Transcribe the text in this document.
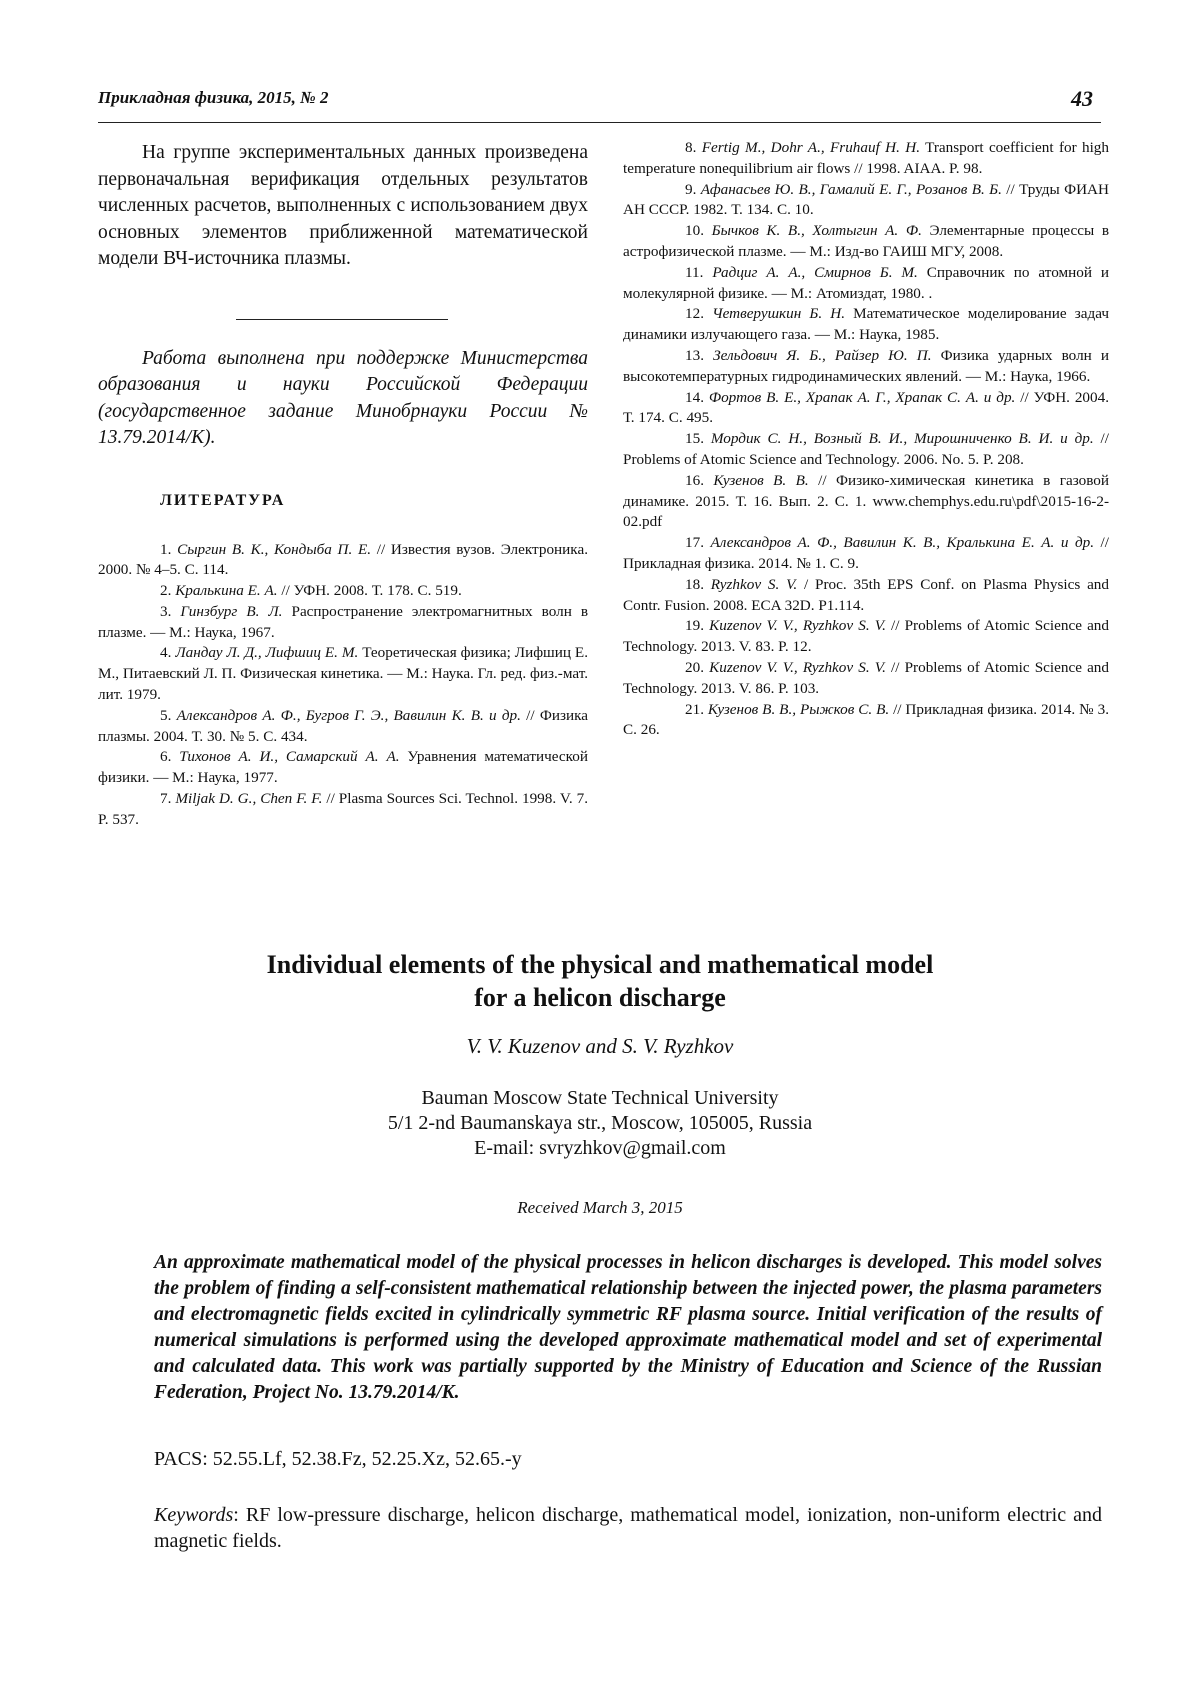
Прикладная физика, 2015, № 2	43

На группе экспериментальных данных произведена первоначальная верификация отдельных результатов численных расчетов, выполненных с использованием двух основных элементов приближенной математической модели ВЧ-источника плазмы.

Работа выполнена при поддержке Министерства образования и науки Российской Федерации (государственное задание Минобрнауки России № 13.79.2014/K).

ЛИТЕРАТУРА
1. Сыргин В. К., Кондыба П. Е. // Известия вузов. Электроника. 2000. № 4–5. С. 114.
2. Кралькина Е. А. // УФН. 2008. Т. 178. С. 519.
3. Гинзбург В. Л. Распространение электромагнитных волн в плазме. — М.: Наука, 1967.
4. Ландау Л. Д., Лифшиц Е. М. Теоретическая физика; Лифшиц Е. М., Питаевский Л. П. Физическая кинетика. — М.: Наука. Гл. ред. физ.-мат. лит. 1979.
5. Александров А. Ф., Бугров Г. Э., Вавилин К. В. и др. // Физика плазмы. 2004. Т. 30. № 5. С. 434.
6. Тихонов А. И., Самарский А. А. Уравнения математической физики. — М.: Наука, 1977.
7. Miljak D. G., Chen F. F. // Plasma Sources Sci. Technol. 1998. V. 7. P. 537.
8. Fertig M., Dohr A., Fruhauf H. H. Transport coefficient for high temperature nonequilibrium air flows // 1998. AIAA. P. 98.
9. Афанасьев Ю. В., Гамалий Е. Г., Розанов В. Б. // Труды ФИАН АН СССР. 1982. Т. 134. С. 10.
10. Бычков К. В., Холтыгин А. Ф. Элементарные процессы в астрофизической плазме. — М.: Изд-во ГАИШ МГУ, 2008.
11. Радциг А. А., Смирнов Б. М. Справочник по атомной и молекулярной физике. — М.: Атомиздат, 1980. .
12. Четверушкин Б. Н. Математическое моделирование задач динамики излучающего газа. — М.: Наука, 1985.
13. Зельдович Я. Б., Райзер Ю. П. Физика ударных волн и высокотемпературных гидродинамических явлений. — М.: Наука, 1966.
14. Фортов В. Е., Храпак А. Г., Храпак С. А. и др. // УФН. 2004. Т. 174. С. 495.
15. Мордик С. Н., Возный В. И., Мирошниченко В. И. и др. // Problems of Atomic Science and Technology. 2006. No. 5. P. 208.
16. Кузенов В. В. // Физико-химическая кинетика в газовой динамике. 2015. Т. 16. Вып. 2. С. 1. www.chemphys.edu.ru\pdf\2015-16-2-02.pdf
17. Александров А. Ф., Вавилин К. В., Кралькина Е. А. и др. // Прикладная физика. 2014. № 1. С. 9.
18. Ryzhkov S. V. / Proc. 35th EPS Conf. on Plasma Physics and Contr. Fusion. 2008. ECA 32D. P1.114.
19. Kuzenov V. V., Ryzhkov S. V. // Problems of Atomic Science and Technology. 2013. V. 83. P. 12.
20. Kuzenov V. V., Ryzhkov S. V. // Problems of Atomic Science and Technology. 2013. V. 86. P. 103.
21. Кузенов В. В., Рыжков С. В. // Прикладная физика. 2014. № 3. С. 26.
Individual elements of the physical and mathematical model
for a helicon discharge
V. V. Kuzenov and S. V. Ryzhkov
Bauman Moscow State Technical University
5/1 2-nd Baumanskaya str., Moscow, 105005, Russia
E-mail: svryzhkov@gmail.com
Received March 3, 2015

An approximate mathematical model of the physical processes in helicon discharges is developed. This model solves the problem of finding a self-consistent mathematical relationship between the injected power, the plasma parameters and electromagnetic fields excited in cylindrically symmetric RF plasma source. Initial verification of the results of numerical simulations is performed using the developed approximate mathematical model and set of experimental and calculated data. This work was partially supported by the Ministry of Education and Science of the Russian Federation, Project No. 13.79.2014/K.

PACS: 52.55.Lf, 52.38.Fz, 52.25.Xz, 52.65.-y

Keywords: RF low-pressure discharge, helicon discharge, mathematical model, ionization, non-uniform electric and magnetic fields.
